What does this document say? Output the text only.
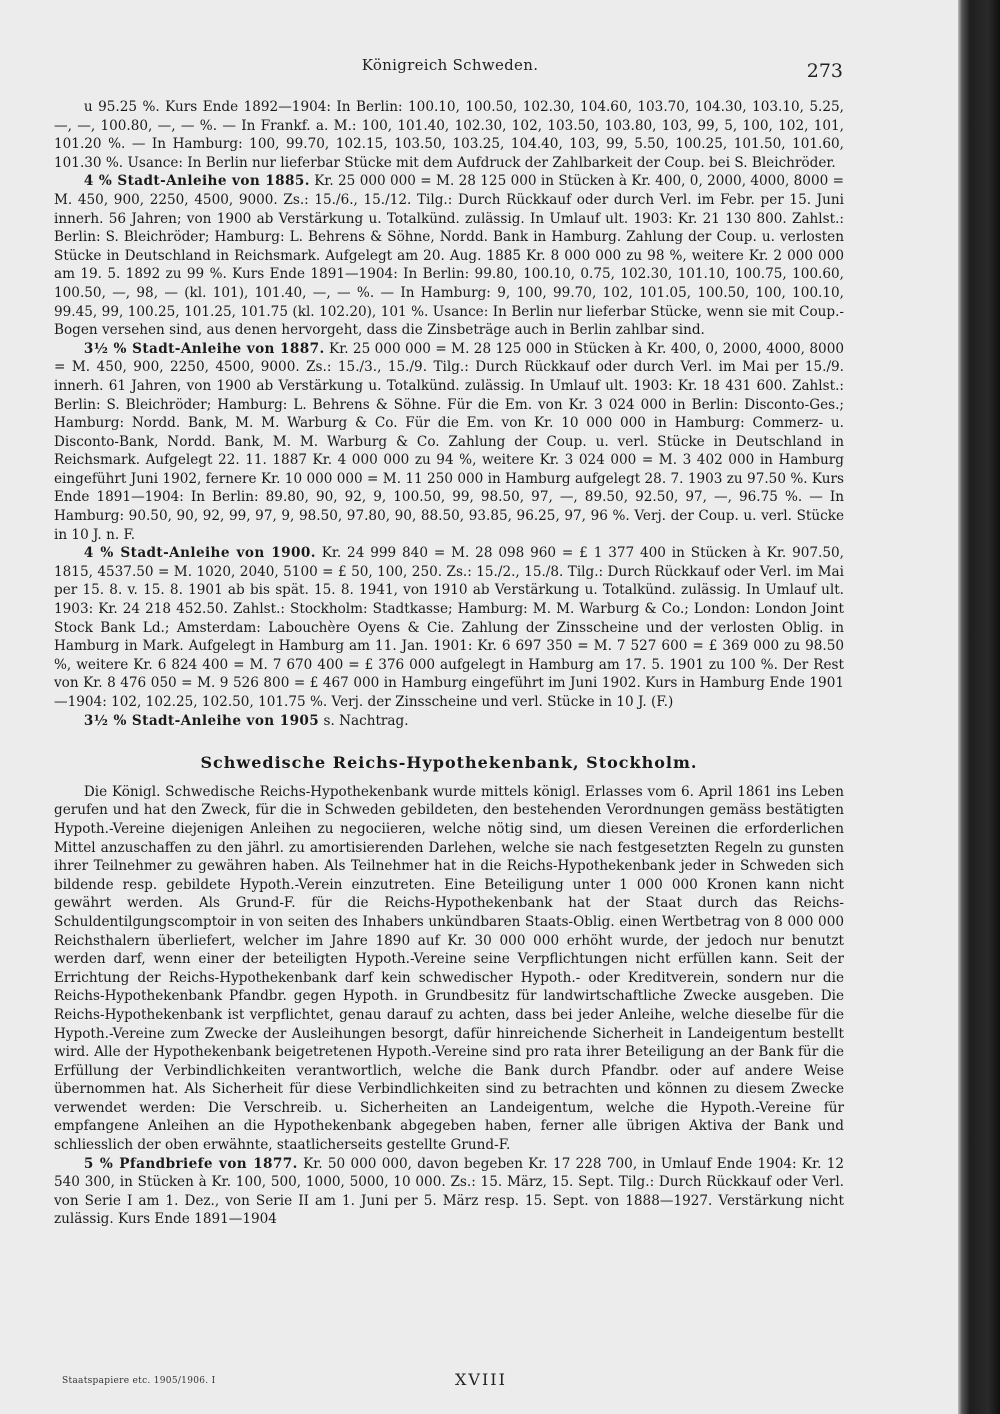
Königreich Schweden.	273

u 95.25 %. Kurs Ende 1892—1904: In Berlin: 100.10, 100.50, 102.30, 104.60, 103.70, 104.30, 103.10, 5.25, —, —, 100.80, —, — %. — In Frankf. a. M.: 100, 101.40, 102.30, 102, 103.50, 103.80, 103, 99, 5, 100, 102, 101, 101.20 %. — In Hamburg: 100, 99.70, 102.15, 103.50, 103.25, 104.40, 103, 99, 5.50, 100.25, 101.50, 101.60, 101.30 %. Usance: In Berlin nur lieferbar Stücke mit dem Aufdruck der Zahlbarkeit der Coup. bei S. Bleichröder.

4 % Stadt-Anleihe von 1885. Kr. 25 000 000 = M. 28 125 000 in Stücken à Kr. 400, 0, 2000, 4000, 8000 = M. 450, 900, 2250, 4500, 9000. Zs.: 15./6., 15./12. Tilg.: Durch Rückkauf oder durch Verl. im Febr. per 15. Juni innerh. 56 Jahren; von 1900 ab Verstärkung u. Totalkünd. zulässig. In Umlauf ult. 1903: Kr. 21 130 800. Zahlst.: Berlin: S. Bleichröder; Hamburg: L. Behrens & Söhne, Nordd. Bank in Hamburg. Zahlung der Coup. u. verlosten Stücke in Deutschland in Reichsmark. Aufgelegt am 20. Aug. 1885 Kr. 8 000 000 zu 98 %, weitere Kr. 2 000 000 am 19. 5. 1892 zu 99 %. Kurs Ende 1891—1904: In Berlin: 99.80, 100.10, 0.75, 102.30, 101.10, 100.75, 100.60, 100.50, —, 98, — (kl. 101), 101.40, —, — %. — In Hamburg: 9, 100, 99.70, 102, 101.05, 100.50, 100, 100.10, 99.45, 99, 100.25, 101.25, 101.75 (kl. 102.20), 101 %. Usance: In Berlin nur lieferbar Stücke, wenn sie mit Coup.-Bogen versehen sind, aus denen hervorgeht, dass die Zinsbeträge auch in Berlin zahlbar sind.

3½ % Stadt-Anleihe von 1887. Kr. 25 000 000 = M. 28 125 000 in Stücken à Kr. 400, 0, 2000, 4000, 8000 = M. 450, 900, 2250, 4500, 9000. Zs.: 15./3., 15./9. Tilg.: Durch Rückkauf oder durch Verl. im Mai per 15./9. innerh. 61 Jahren, von 1900 ab Verstärkung u. Totalkünd. zulässig. In Umlauf ult. 1903: Kr. 18 431 600. Zahlst.: Berlin: S. Bleichröder; Hamburg: L. Behrens & Söhne. Für die Em. von Kr. 3 024 000 in Berlin: Disconto-Ges.; Hamburg: Nordd. Bank, M. M. Warburg & Co. Für die Em. von Kr. 10 000 000 in Hamburg: Commerz- u. Disconto-Bank, Nordd. Bank, M. M. Warburg & Co. Zahlung der Coup. u. verl. Stücke in Deutschland in Reichsmark. Aufgelegt 22. 11. 1887 Kr. 4 000 000 zu 94 %, weitere Kr. 3 024 000 = M. 3 402 000 in Hamburg eingeführt Juni 1902, fernere Kr. 10 000 000 = M. 11 250 000 in Hamburg aufgelegt 28. 7. 1903 zu 97.50 %. Kurs Ende 1891—1904: In Berlin: 89.80, 90, 92, 9, 100.50, 99, 98.50, 97, —, 89.50, 92.50, 97, —, 96.75 %. — In Hamburg: 90.50, 90, 92, 99, 97, 9, 98.50, 97.80, 90, 88.50, 93.85, 96.25, 97, 96 %. Verj. der Coup. u. verl. Stücke in 10 J. n. F.

4 % Stadt-Anleihe von 1900. Kr. 24 999 840 = M. 28 098 960 = £ 1 377 400 in Stücken à Kr. 907.50, 1815, 4537.50 = M. 1020, 2040, 5100 = £ 50, 100, 250. Zs.: 15./2., 15./8. Tilg.: Durch Rückkauf oder Verl. im Mai per 15. 8. v. 15. 8. 1901 ab bis spät. 15. 8. 1941, von 1910 ab Verstärkung u. Totalkünd. zulässig. In Umlauf ult. 1903: Kr. 24 218 452.50. Zahlst.: Stockholm: Stadtkasse; Hamburg: M. M. Warburg & Co.; London: London Joint Stock Bank Ld.; Amsterdam: Labouchère Oyens & Cie. Zahlung der Zinsscheine und der verlosten Oblig. in Hamburg in Mark. Aufgelegt in Hamburg am 11. Jan. 1901: Kr. 6 697 350 = M. 7 527 600 = £ 369 000 zu 98.50 %, weitere Kr. 6 824 400 = M. 7 670 400 = £ 376 000 aufgelegt in Hamburg am 17. 5. 1901 zu 100 %. Der Rest von Kr. 8 476 050 = M. 9 526 800 = £ 467 000 in Hamburg eingeführt im Juni 1902. Kurs in Hamburg Ende 1901—1904: 102, 102.25, 102.50, 101.75 %. Verj. der Zinsscheine und verl. Stücke in 10 J. (F.)

3½ % Stadt-Anleihe von 1905 s. Nachtrag.

Schwedische Reichs-Hypothekenbank, Stockholm.

Die Königl. Schwedische Reichs-Hypothekenbank wurde mittels königl. Erlasses vom 6. April 1861 ins Leben gerufen und hat den Zweck, für die in Schweden gebildeten, den bestehenden Verordnungen gemäss bestätigten Hypoth.-Vereine diejenigen Anleihen zu negociieren, welche nötig sind, um diesen Vereinen die erforderlichen Mittel anzuschaffen zu den jährl. zu amortisierenden Darlehen, welche sie nach festgesetzten Regeln zu gunsten ihrer Teilnehmer zu gewähren haben. Als Teilnehmer hat in die Reichs-Hypothekenbank jeder in Schweden sich bildende resp. gebildete Hypoth.-Verein einzutreten. Eine Beteiligung unter 1 000 000 Kronen kann nicht gewährt werden. Als Grund-F. für die Reichs-Hypothekenbank hat der Staat durch das Reichs-Schuldentilgungscomptoir in von seiten des Inhabers unkündbaren Staats-Oblig. einen Wertbetrag von 8 000 000 Reichsthalern überliefert, welcher im Jahre 1890 auf Kr. 30 000 000 erhöht wurde, der jedoch nur benutzt werden darf, wenn einer der beteiligten Hypoth.-Vereine seine Verpflichtungen nicht erfüllen kann. Seit der Errichtung der Reichs-Hypothekenbank darf kein schwedischer Hypoth.- oder Kreditverein, sondern nur die Reichs-Hypothekenbank Pfandbr. gegen Hypoth. in Grundbesitz für landwirtschaftliche Zwecke ausgeben. Die Reichs-Hypothekenbank ist verpflichtet, genau darauf zu achten, dass bei jeder Anleihe, welche dieselbe für die Hypoth.-Vereine zum Zwecke der Ausleihungen besorgt, dafür hinreichende Sicherheit in Landeigentum bestellt wird. Alle der Hypothekenbank beigetretenen Hypoth.-Vereine sind pro rata ihrer Beteiligung an der Bank für die Erfüllung der Verbindlichkeiten verantwortlich, welche die Bank durch Pfandbr. oder auf andere Weise übernommen hat. Als Sicherheit für diese Verbindlichkeiten sind zu betrachten und können zu diesem Zwecke verwendet werden: Die Verschreib. u. Sicherheiten an Landeigentum, welche die Hypoth.-Vereine für empfangene Anleihen an die Hypothekenbank abgegeben haben, ferner alle übrigen Aktiva der Bank und schliesslich der oben erwähnte, staatlicherseits gestellte Grund-F.

5 % Pfandbriefe von 1877. Kr. 50 000 000, davon begeben Kr. 17 228 700, in Umlauf Ende 1904: Kr. 12 540 300, in Stücken à Kr. 100, 500, 1000, 5000, 10 000. Zs.: 15. März, 15. Sept. Tilg.: Durch Rückkauf oder Verl. von Serie I am 1. Dez., von Serie II am 1. Juni per 5. März resp. 15. Sept. von 1888—1927. Verstärkung nicht zulässig. Kurs Ende 1891—1904

Staatspapiere etc. 1905/1906. I	XVIII
